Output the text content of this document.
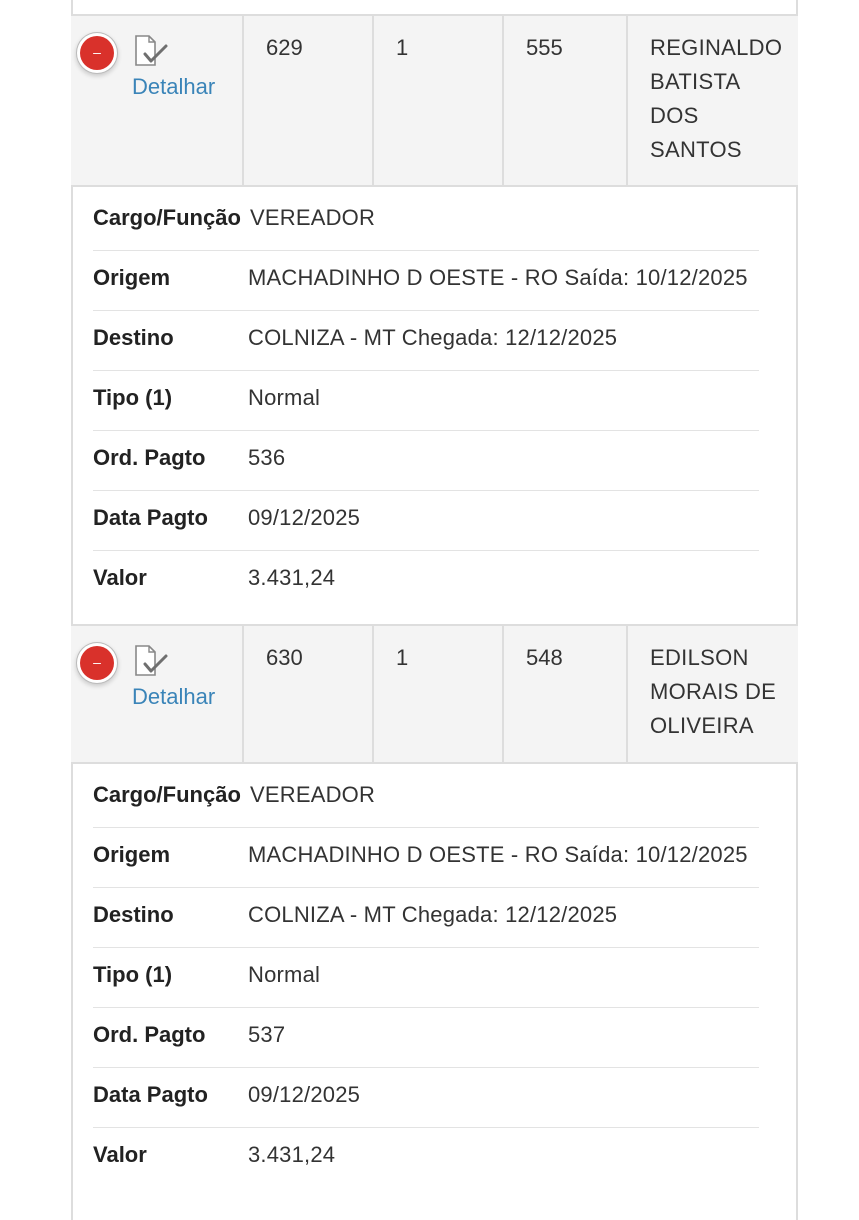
–
Detalhar
629	1	555	REGINALDO
BATISTA
DOS
SANTOS
Cargo/Função VEREADOR
Origem	MACHADINHO D OESTE - RO Saída: 10/12/2025
Destino	COLNIZA - MT Chegada: 12/12/2025
Tipo (1)	Normal
Ord. Pagto 536
Data Pagto 09/12/2025
Valor	3.431,24
–
Detalhar
630	1	548	EDILSON
MORAIS DE
OLIVEIRA
Cargo/Função VEREADOR
Origem	MACHADINHO D OESTE - RO Saída: 10/12/2025
Destino	COLNIZA - MT Chegada: 12/12/2025
Tipo (1)	Normal
Ord. Pagto 537
Data Pagto 09/12/2025
Valor	3.431,24
